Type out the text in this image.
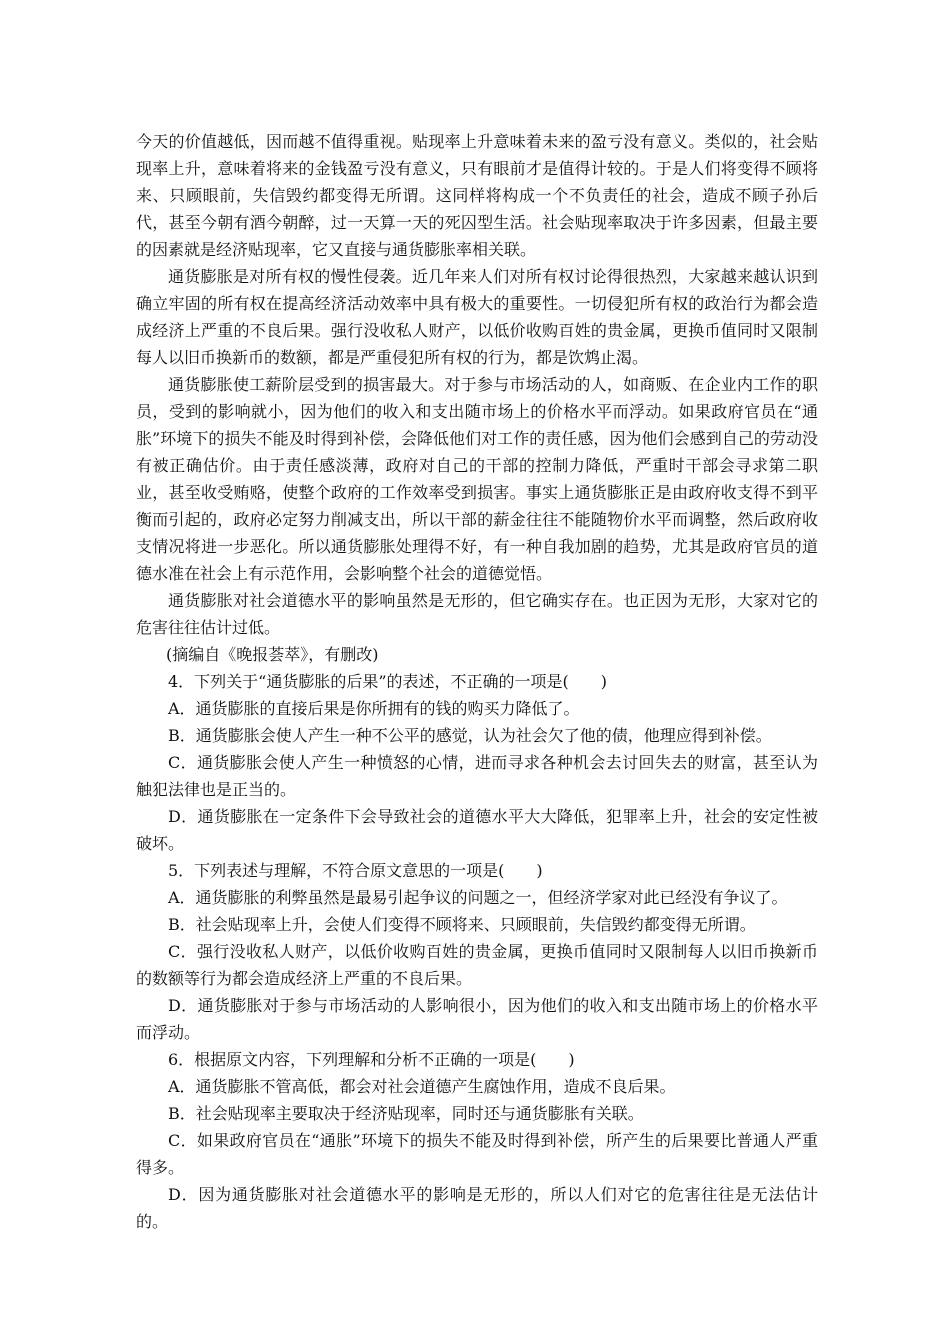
今天的价值越低，因而越不值得重视。贴现率上升意味着未来的盈亏没有意义。类似的，社会贴现率上升，意味着将来的金钱盈亏没有意义，只有眼前才是值得计较的。于是人们将变得不顾将来、只顾眼前，失信毁约都变得无所谓。这同样将构成一个不负责任的社会，造成不顾子孙后代，甚至今朝有酒今朝醉，过一天算一天的死囚型生活。社会贴现率取决于许多因素，但最主要的因素就是经济贴现率，它又直接与通货膨胀率相关联。
通货膨胀是对所有权的慢性侵袭。近几年来人们对所有权讨论得很热烈，大家越来越认识到确立牢固的所有权在提高经济活动效率中具有极大的重要性。一切侵犯所有权的政治行为都会造成经济上严重的不良后果。强行没收私人财产，以低价收购百姓的贵金属，更换币值同时又限制每人以旧币换新币的数额，都是严重侵犯所有权的行为，都是饮鸩止渴。
通货膨胀使工薪阶层受到的损害最大。对于参与市场活动的人，如商贩、在企业内工作的职员，受到的影响就小，因为他们的收入和支出随市场上的价格水平而浮动。如果政府官员在“通胀”环境下的损失不能及时得到补偿，会降低他们对工作的责任感，因为他们会感到自己的劳动没有被正确估价。由于责任感淡薄，政府对自己的干部的控制力降低，严重时干部会寻求第二职业，甚至收受贿赂，使整个政府的工作效率受到损害。事实上通货膨胀正是由政府收支得不到平衡而引起的，政府必定努力削减支出，所以干部的薪金往往不能随物价水平而调整，然后政府收支情况将进一步恶化。所以通货膨胀处理得不好，有一种自我加剧的趋势，尤其是政府官员的道德水准在社会上有示范作用，会影响整个社会的道德觉悟。
通货膨胀对社会道德水平的影响虽然是无形的，但它确实存在。也正因为无形，大家对它的危害往往估计过低。
(摘编自《晚报荟萃》，有删改)
4．下列关于“通货膨胀的后果”的表述，不正确的一项是(　　)
A．通货膨胀的直接后果是你所拥有的钱的购买力降低了。
B．通货膨胀会使人产生一种不公平的感觉，认为社会欠了他的债，他理应得到补偿。
C．通货膨胀会使人产生一种愤怒的心情，进而寻求各种机会去讨回失去的财富，甚至认为触犯法律也是正当的。
D．通货膨胀在一定条件下会导致社会的道德水平大大降低，犯罪率上升，社会的安定性被破坏。
5．下列表述与理解，不符合原文意思的一项是(　　)
A．通货膨胀的利弊虽然是最易引起争议的问题之一，但经济学家对此已经没有争议了。
B．社会贴现率上升，会使人们变得不顾将来、只顾眼前，失信毁约都变得无所谓。
C．强行没收私人财产，以低价收购百姓的贵金属，更换币值同时又限制每人以旧币换新币的数额等行为都会造成经济上严重的不良后果。
D．通货膨胀对于参与市场活动的人影响很小，因为他们的收入和支出随市场上的价格水平而浮动。
6．根据原文内容，下列理解和分析不正确的一项是(　　)
A．通货膨胀不管高低，都会对社会道德产生腐蚀作用，造成不良后果。
B．社会贴现率主要取决于经济贴现率，同时还与通货膨胀有关联。
C．如果政府官员在“通胀”环境下的损失不能及时得到补偿，所产生的后果要比普通人严重得多。
D．因为通货膨胀对社会道德水平的影响是无形的，所以人们对它的危害往往是无法估计的。
